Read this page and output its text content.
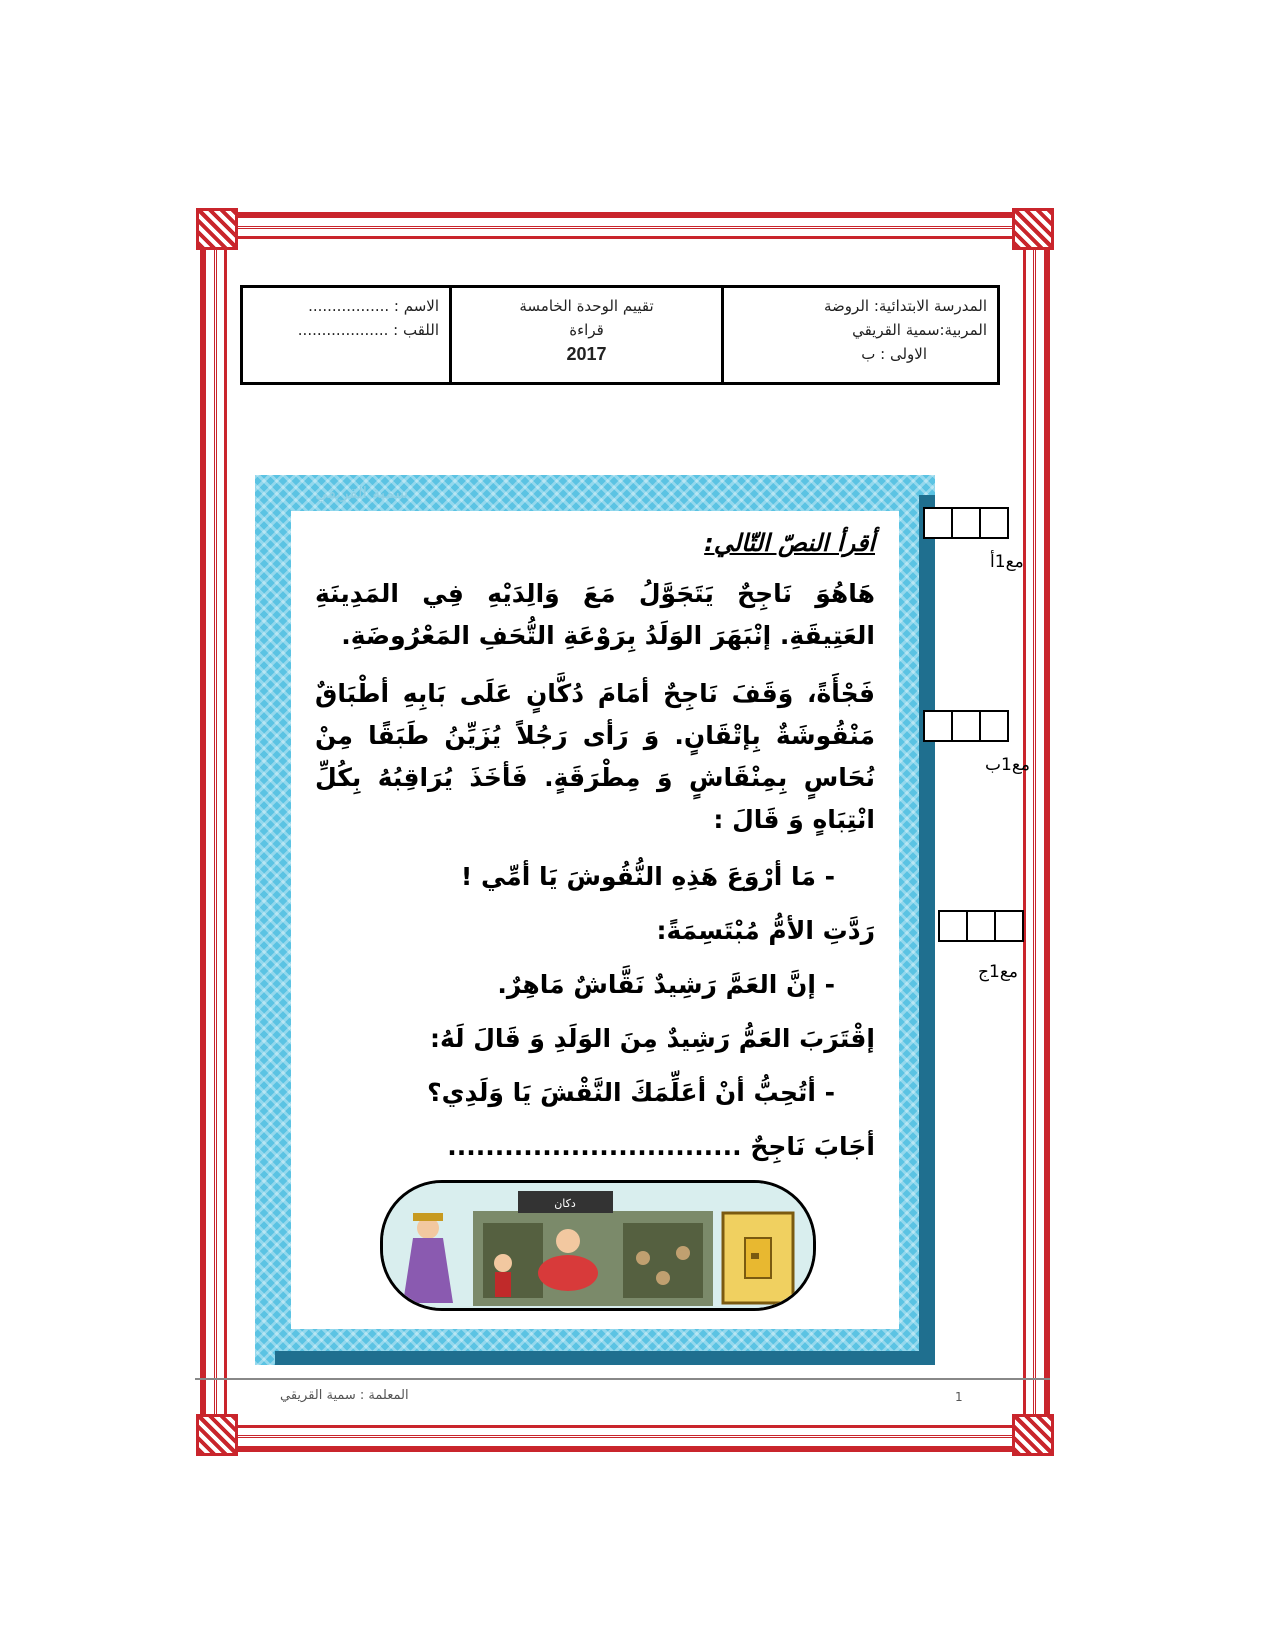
المدرسة الابتدائية: الروضة
المربية:سمية القريقي
الاولى : ب
تقييم الوحدة الخامسة
قراءة
2017
الاسم : .................
اللقب : ...................
سمية القريقي
أقرأ النصّ التّالي:

هَاهُوَ نَاجِحٌ يَتَجَوَّلُ مَعَ وَالِدَيْهِ فِي المَدِينَةِ العَتِيقَةِ. إنْبَهَرَ الوَلَدُ بِرَوْعَةِ التُّحَفِ المَعْرُوضَةِ.

فَجْأَةً، وَقَفَ نَاجِحٌ أمَامَ دُكَّانٍ عَلَى بَابِهِ أطْبَاقٌ مَنْقُوشَةٌ بِإتْقَانٍ. وَ رَأى رَجُلاً يُزَيِّنُ طَبَقًا مِنْ نُحَاسٍ بِمِنْقَاشٍ وَ مِطْرَقَةٍ. فَأخَذَ يُرَاقِبُهُ بِكُلِّ انْتِبَاهٍ وَ قَالَ :

- مَا أرْوَعَ هَذِهِ النُّقُوشَ يَا أمِّي !
رَدَّتِ الأمُّ مُبْتَسِمَةً:
- إنَّ العَمَّ رَشِيدٌ نَقَّاشٌ مَاهِرٌ.
إقْتَرَبَ العَمُّ رَشِيدٌ مِنَ الوَلَدِ وَ قَالَ لَهُ:
- أتُحِبُّ أنْ أعَلِّمَكَ النَّقْشَ يَا وَلَدِي؟
أجَابَ نَاجِحٌ ...............................
دكان
مع1أ
مع1ب
مع1ج
المعلمة : سمية القريقي	1
